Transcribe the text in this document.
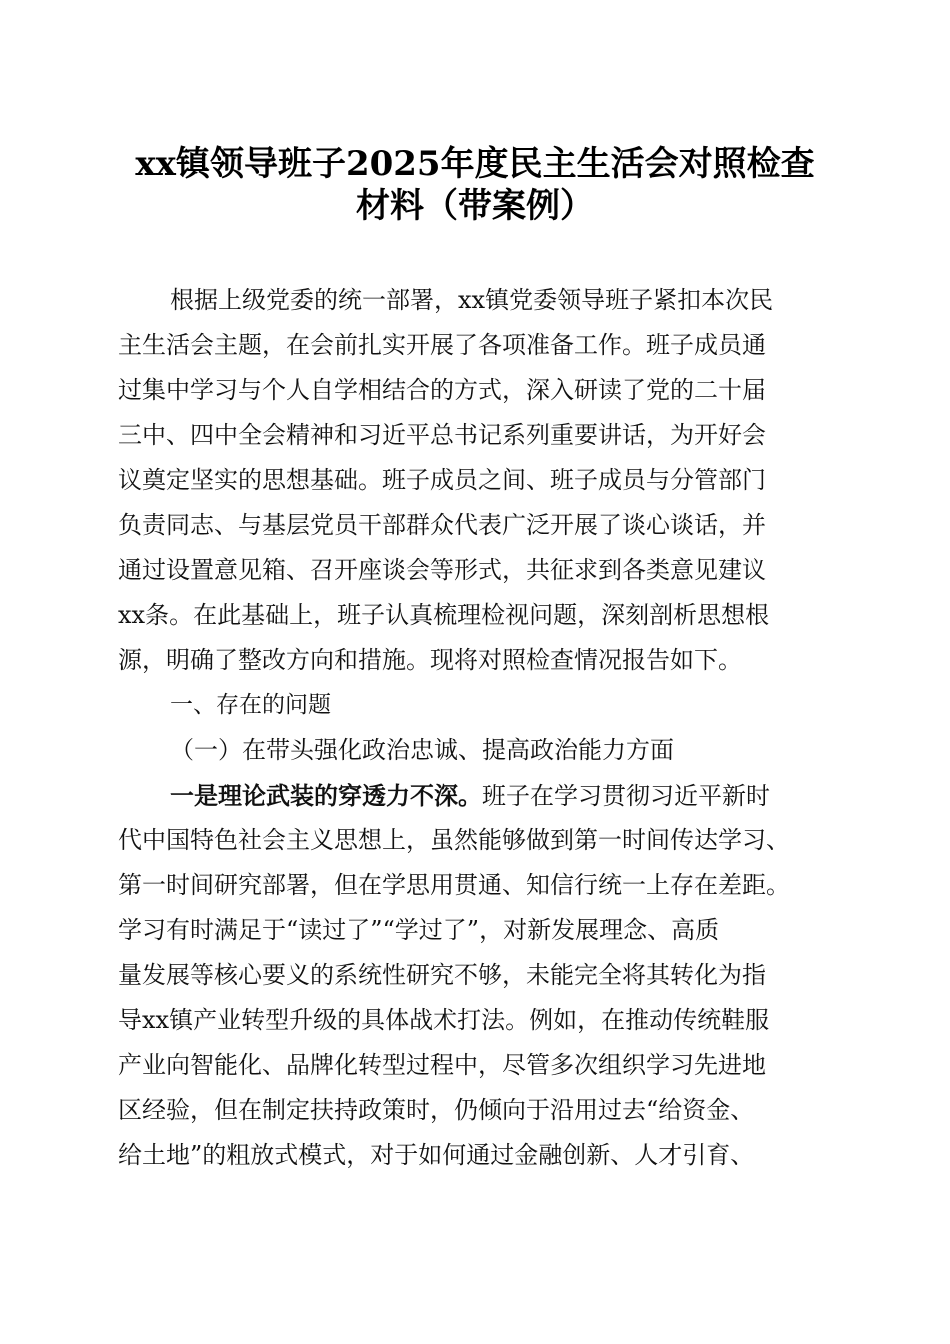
xx镇领导班子2025年度民主生活会对照检查
材料（带案例）
根据上级党委的统一部署，xx镇党委领导班子紧扣本次民
主生活会主题，在会前扎实开展了各项准备工作。班子成员通
过集中学习与个人自学相结合的方式，深入研读了党的二十届
三中、四中全会精神和习近平总书记系列重要讲话，为开好会
议奠定坚实的思想基础。班子成员之间、班子成员与分管部门
负责同志、与基层党员干部群众代表广泛开展了谈心谈话，并
通过设置意见箱、召开座谈会等形式，共征求到各类意见建议
xx条。在此基础上，班子认真梳理检视问题，深刻剖析思想根
源，明确了整改方向和措施。现将对照检查情况报告如下。
一、存在的问题
（一）在带头强化政治忠诚、提高政治能力方面
一是理论武装的穿透力不深。班子在学习贯彻习近平新时
代中国特色社会主义思想上，虽然能够做到第一时间传达学习、
第一时间研究部署，但在学思用贯通、知信行统一上存在差距。
学习有时满足于“读过了”“学过了”，对新发展理念、高质
量发展等核心要义的系统性研究不够，未能完全将其转化为指
导xx镇产业转型升级的具体战术打法。例如，在推动传统鞋服
产业向智能化、品牌化转型过程中，尽管多次组织学习先进地
区经验，但在制定扶持政策时，仍倾向于沿用过去“给资金、
给土地”的粗放式模式，对于如何通过金融创新、人才引育、
